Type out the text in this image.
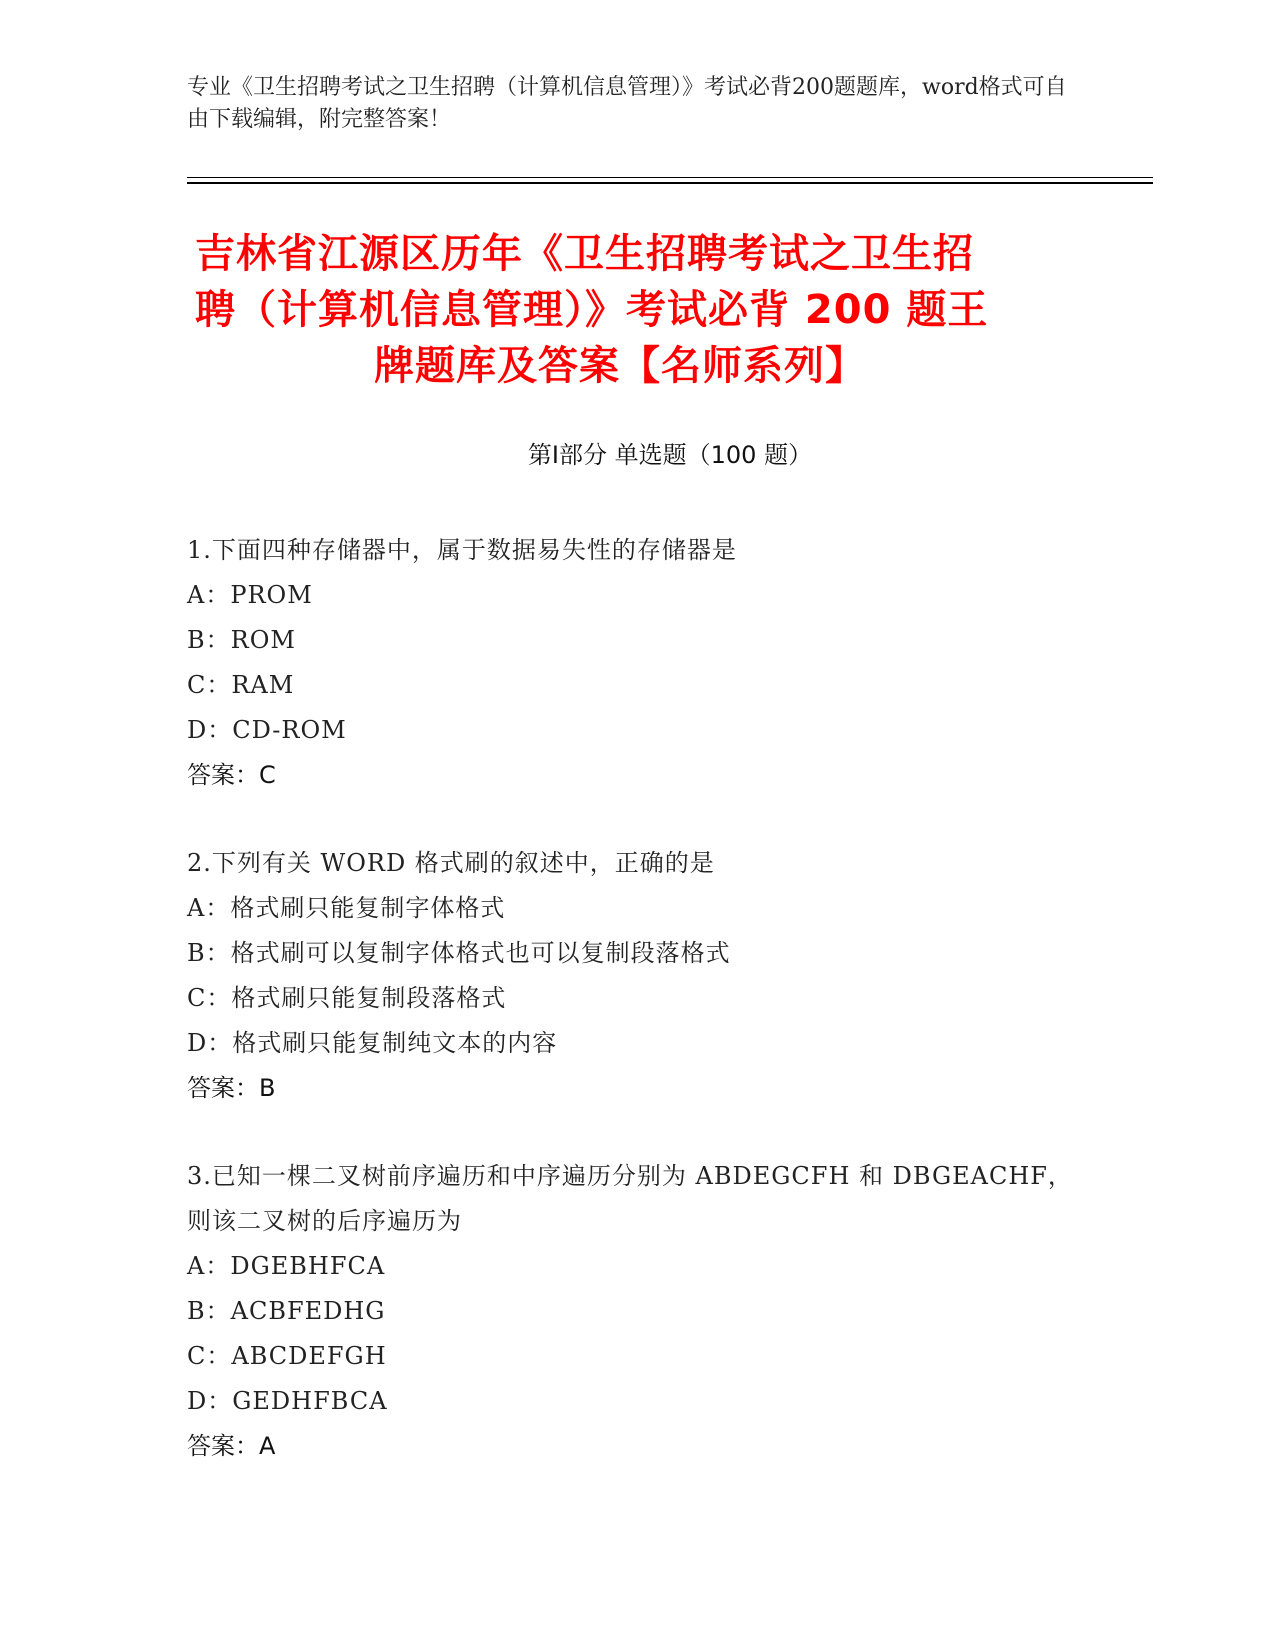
专业《卫生招聘考试之卫生招聘（计算机信息管理）》考试必背200题题库，word格式可自由下载编辑，附完整答案！
吉林省江源区历年《卫生招聘考试之卫生招
聘（计算机信息管理）》考试必背 200 题王
牌题库及答案【名师系列】
第Ⅰ部分 单选题（100 题）
1.下面四种存储器中，属于数据易失性的存储器是
A：PROM
B：ROM
C：RAM
D：CD-ROM
答案：C
2.下列有关 WORD 格式刷的叙述中，正确的是
A：格式刷只能复制字体格式
B：格式刷可以复制字体格式也可以复制段落格式
C：格式刷只能复制段落格式
D：格式刷只能复制纯文本的内容
答案：B
3.已知一棵二叉树前序遍历和中序遍历分别为 ABDEGCFH 和 DBGEACHF，则该二叉树的后序遍历为
A：DGEBHFCA
B：ACBFEDHG
C：ABCDEFGH
D：GEDHFBCA
答案：A
